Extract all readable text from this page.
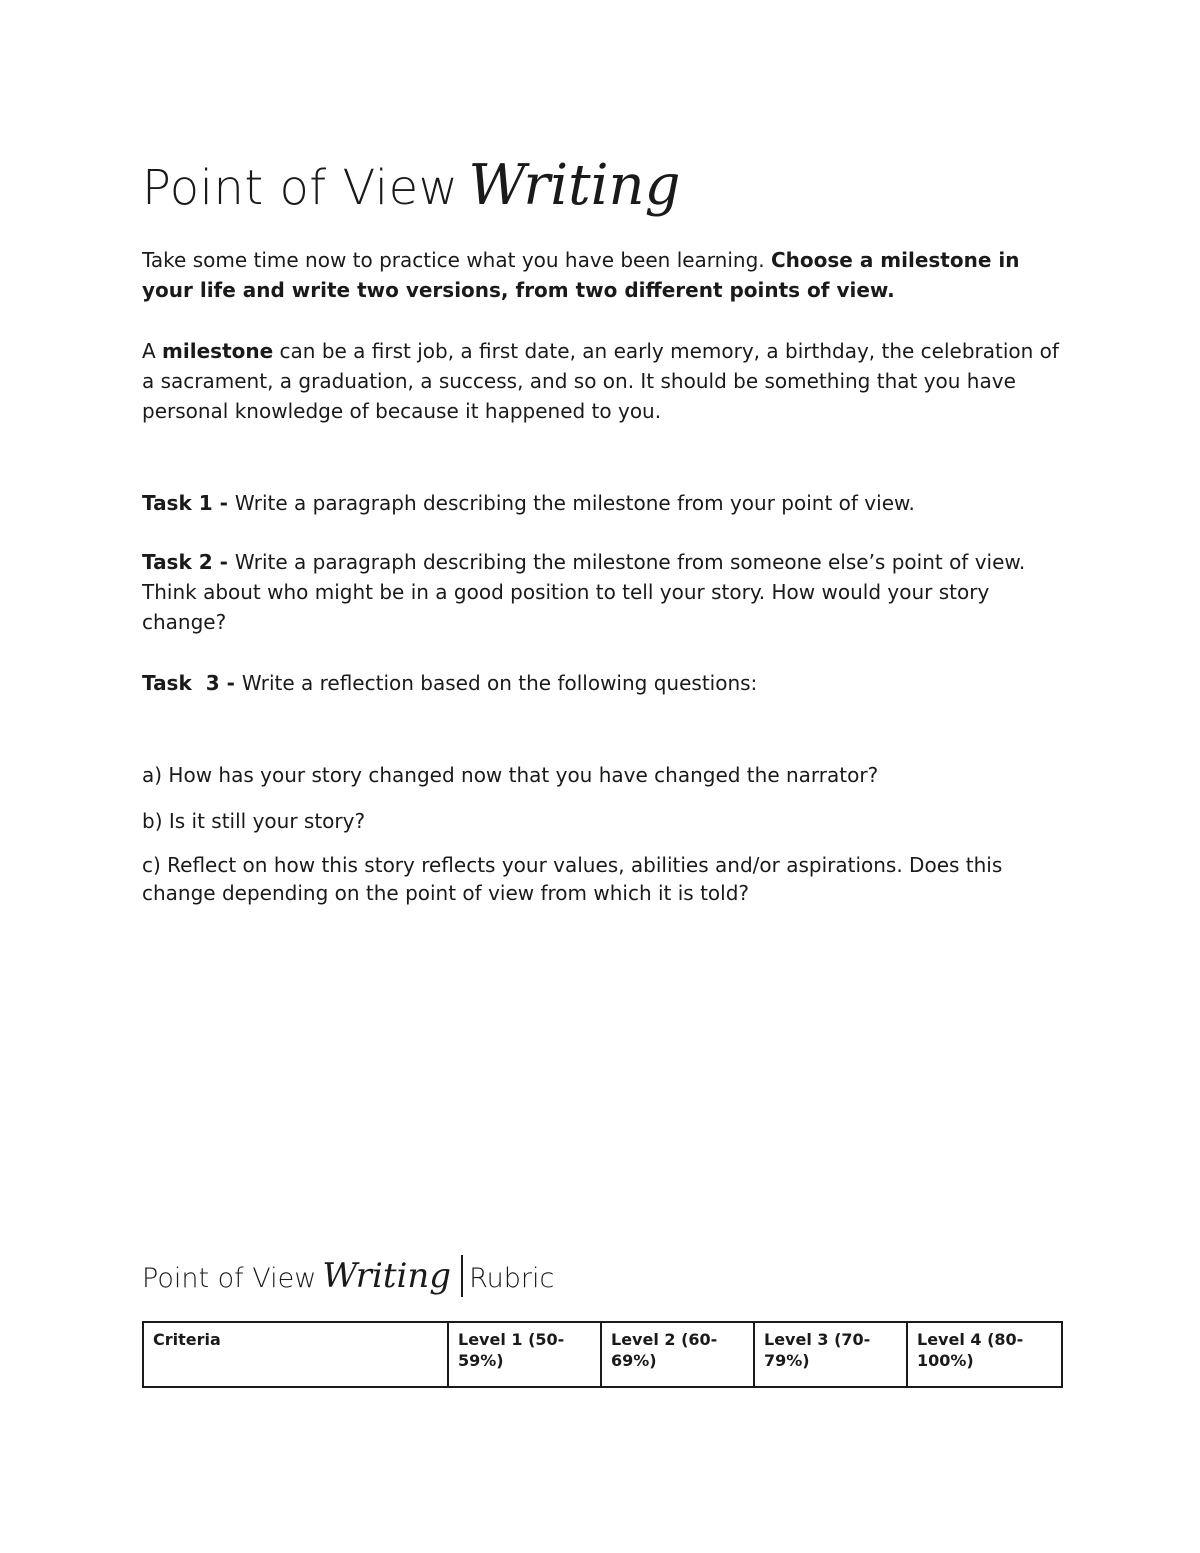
Point of View Writing
Take some time now to practice what you have been learning. Choose a milestone in your life and write two versions, from two different points of view.
A milestone can be a first job, a first date, an early memory, a birthday, the celebration of a sacrament, a graduation, a success, and so on. It should be something that you have personal knowledge of because it happened to you.
Task 1 - Write a paragraph describing the milestone from your point of view.
Task 2 - Write a paragraph describing the milestone from someone else’s point of view. Think about who might be in a good position to tell your story. How would your story change?
Task  3 - Write a reflection based on the following questions:
a) How has your story changed now that you have changed the narrator?
b) Is it still your story?
c) Reflect on how this story reflects your values, abilities and/or aspirations. Does this change depending on the point of view from which it is told?
Point of View Writing Rubric
Criteria	Level 1 (50-59%)	Level 2 (60-69%)	Level 3 (70-79%)	Level 4 (80-100%)
